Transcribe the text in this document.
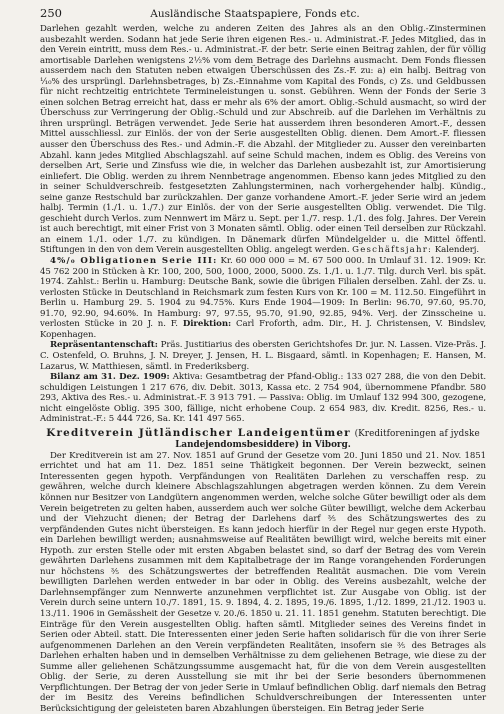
250	Ausländische Staatspapiere, Fonds etc.

Darlehen gezahlt werden, welche zu anderen Zeiten des Jahres als an den Oblig.-Zinsterminen ausbezahlt werden. Sodann hat jede Serie ihren eigenen Res.- u. Administrat.-F. Jedes Mitglied, das in den Verein eintritt, muss dem Res.- u. Administrat.-F. der betr. Serie einen Beitrag zahlen, der für völlig amortisable Darlehen wenigstens 2½% vom dem Betrage des Darlehns ausmacht. Dem Fonds fliessen ausserdem nach den Statuten neben etwaigen Überschüssen des Zs.-F. zu: a) ein halbj. Beitrag von ¹⁄₁₀% des ursprüngl. Darlehnsbetrages, b) Zs.-Einnahme vom Kapital des Fonds, c) Zs. und Geldbussen für nicht rechtzeitig entrichtete Termineleistungen u. sonst. Gebühren. Wenn der Fonds der Serie 3 einen solchen Betrag erreicht hat, dass er mehr als 6% der amort. Oblig.-Schuld ausmacht, so wird der Überschuss zur Verringerung der Oblig.-Schuld und zur Abschreib. auf die Darlehen im Verhältnis zu ihren ursprüngl. Beträgen verwendet. Jede Serie hat ausserdem ihren besonderen Amort.-F., dessen Mittel ausschliessl. zur Einlös. der von der Serie ausgestellten Oblig. dienen. Dem Amort.-F. fliessen ausser den Überschuss des Res.- und Admin.-F. die Abzahl. der Mitglieder zu. Ausser den vereinbarten Abzahl. kann jedes Mitglied Abschlagszahl. auf seine Schuld machen, indem es Oblig. des Vereins von derselben Art, Serie und Zinsfuss wie die, in welcher das Darlehen ausbezahlt ist, zur Amortisierung einliefert. Die Oblig. werden zu ihrem Nennbetrage angenommen. Ebenso kann jedes Mitglied zu den in seiner Schuldverschreib. festgesetzten Zahlungsterminen, nach vorhergehender halbj. Kündig., seine ganze Restschuld bar zurückzahlen. Der ganze vorhandene Amort.-F. jeder Serie wird an jedem halbj. Termin (1./1. u. 1./7.) zur Einlös. der von der Serie ausgestellten Oblig. verwendet. Die Tilg. geschieht durch Verlos. zum Nennwert im März u. Sept. per 1./7. resp. 1./1. des folg. Jahres. Der Verein ist auch berechtigt, mit einer Frist von 3 Monaten sämtl. Oblig. oder einen Teil derselben zur Rückzahl. an einem 1./1. oder 1./7. zu kündigen. In Dänemark dürfen Mündelgelder u. die Mittel öffentl. Stiftungen in den von dem Verein ausgestellten Oblig. angelegt werden. Geschäftsjahr: Kalenderj.

4%/₀ Obligationen Serie III: Kr. 60 000 000 = M. 67 500 000. In Umlauf 31. 12. 1909: Kr. 45 762 200 in Stücken à Kr. 100, 200, 500, 1000, 2000, 5000. Zs. 1./1. u. 1./7. Tilg. durch Verl. bis spät. 1974. Zahlst.: Berlin u. Hamburg: Deutsche Bank, sowie die übrigen Filialen derselben. Zahl. der Zs. u. verlosten Stücke in Deutschland in Reichsmark zum festen Kurs von Kr. 100 = M. 112.50. Eingeführt in Berlin u. Hamburg 29. 5. 1904 zu 94.75%. Kurs Ende 1904—1909: In Berlin: 96.70, 97.60, 95.70, 91.70, 92.90, 94.60%. In Hamburg: 97, 97.55, 95.70, 91.90, 92.85, 94%. Verj. der Zinsscheine u. verlosten Stücke in 20 J. n. F. Direktion: Carl Froforth, adm. Dir., H. J. Christensen, V. Bindslev, Kopenhagen.

Repräsentantenschaft: Präs. Justitiarius des obersten Gerichtshofes Dr. jur. N. Lassen. Vize-Präs. J. C. Ostenfeld, O. Bruhns, J. N. Dreyer, J. Jensen, H. L. Bisgaard, sämtl. in Kopenhagen; E. Hansen, M. Lazarus, W. Matthiesen, sämtl. in Frederiksberg.

Bilanz am 31. Dez. 1909: Aktiva: Gesamtbetrag der Pfand-Oblig.: 133 027 288, die von den Debit. schuldigen Leistungen 1 217 676, div. Debit. 3013, Kassa etc. 2 754 904, übernommene Pfandbr. 580 293, Aktiva des Res.- u. Administrat.-F. 3 913 791. — Passiva: Oblig. im Umlauf 132 994 300, gezogene, nicht eingelöste Oblig. 395 300, fällige, nicht erhobene Coup. 2 654 983, div. Kredit. 8256, Res.- u. Administrat.-F.: 5 444 726, Sa. Kr. 141 497 565.

Kreditverein Jütländischer Landeigentümer (Kreditforeningen af jydske
Landejendomsbesiddere) in Viborg.

Der Kreditverein ist am 27. Nov. 1851 auf Grund der Gesetze vom 20. Juni 1850 und 21. Nov. 1851 errichtet und hat am 11. Dez. 1851 seine Thätigkeit begonnen. Der Verein bezweckt, seinen Interessenten gegen hypoth. Verpfändungen von Realitäten Darlehen zu verschaffen resp. zu gewähren, welche durch kleinere Abschlagszahlungen abgetragen werden können. Zu dem Verein können nur Besitzer von Landgütern angenommen werden, welche solche Güter bewilligt oder als dem Verein beigetreten zu gelten haben, ausserdem auch wer solche Güter bewilligt, welche dem Ackerbau und der Viehzucht dienen; der Betrag der Darlehens darf ⅗ des Schätzungswertes des zu verpfändenden Gutes nicht übersteigen. Es kann jedoch hierfür in der Regel nur gegen erste Hypoth. ein Darlehen bewilligt werden; ausnahmsweise auf Realitäten bewilligt wird, welche bereits mit einer Hypoth. zur ersten Stelle oder mit ersten Abgaben belastet sind, so darf der Betrag des vom Verein gewährten Darlehens zusammen mit dem Kapitalbetrage der im Range vorangehenden Forderungen nur höchstens ⅗ des Schätzungswertes der betreffenden Realität ausmachen. Die vom Verein bewilligten Darlehen werden entweder in bar oder in Oblig. des Vereins ausbezahlt, welche der Darlehnsempfänger zum Nennwerte anzunehmen verpflichtet ist. Zur Ausgabe von Oblig. ist der Verein durch seine untern 10./7. 1891, 15. 9. 1894, 4. 2. 1895, 19./6. 1895, 1./12. 1899, 21./12. 1903 u. 13./11. 1906 in Gemässheit der Gesetze v. 20./6. 1850 u. 21. 11. 1851 genehm. Statuten berechtigt. Die Einträge für den Verein ausgestellten Oblig. haften sämtl. Mitglieder seines des Vereins findet in Serien oder Abteil. statt. Die Interessenten einer jeden Serie haften solidarisch für die von ihrer Serie aufgenommenen Darlehen an den Verein verpfändeten Realitäten, insofern sie ⅗ des Betrages als Darlehen erhalten haben und in demselben Verhältnisse zu dem geliehenen Betrage, wie diese zu der Summe aller geliehenen Schätzungssumme ausgemacht hat, für die von dem Verein ausgestellten Oblig. der Serie, zu deren Ausstellung sie mit ihr bei der Serie besonders übernommenen Verpflichtungen. Der Betrag der von jeder Serie in Umlauf befindlichen Oblig. darf niemals den Betrag der im Besitz des Vereins befindlichen Schuldverschreibungen der Interessenten unter Berücksichtigung der geleisteten baren Abzahlungen übersteigen. Ein Betrag jeder Serie
